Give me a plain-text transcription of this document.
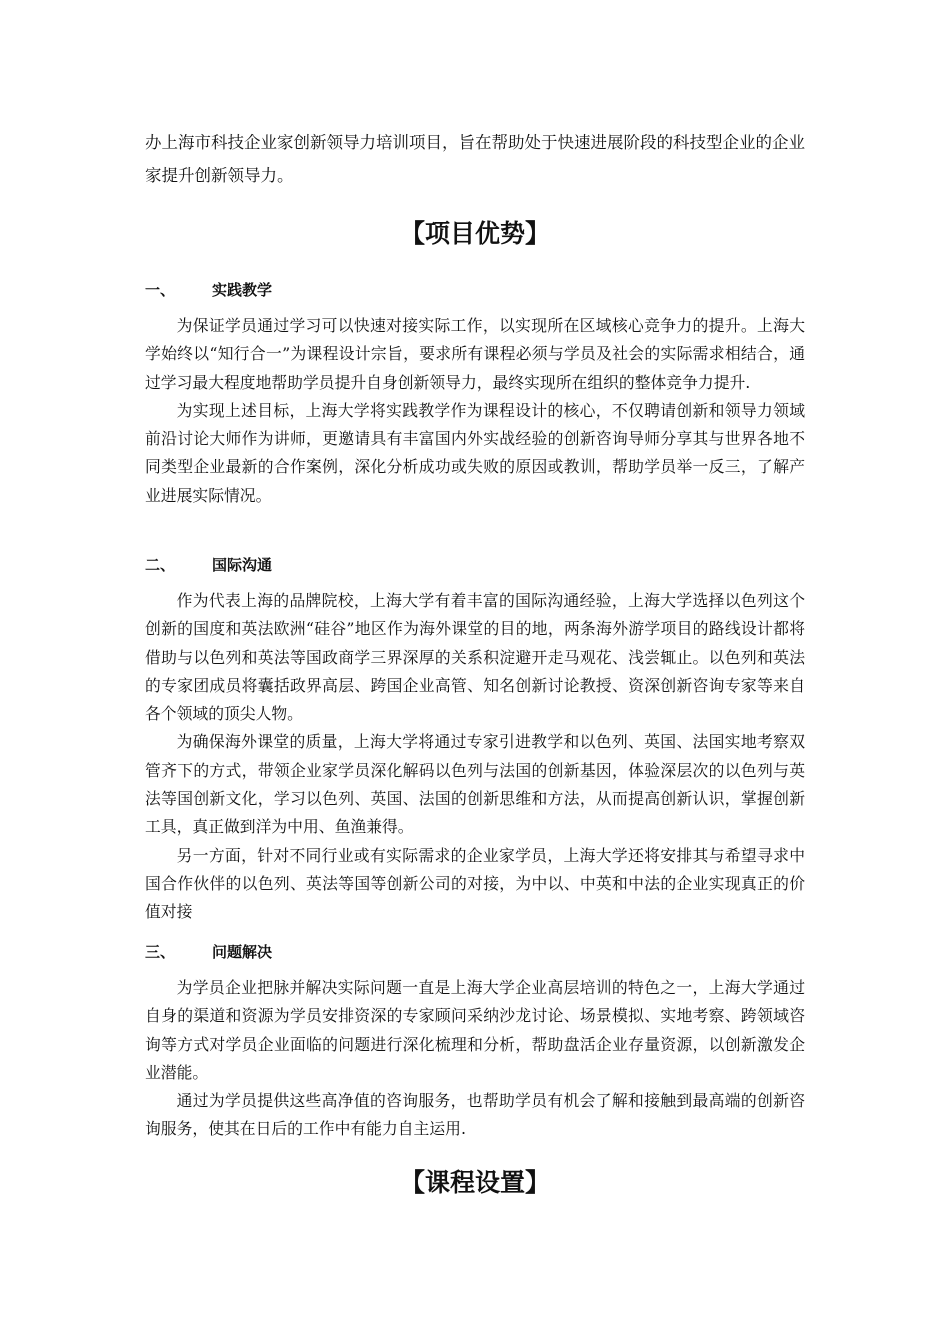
办上海市科技企业家创新领导力培训项目，旨在帮助处于快速进展阶段的科技型企业的企业家提升创新领导力。
【项目优势】
一、 实践教学

为保证学员通过学习可以快速对接实际工作，以实现所在区域核心竞争力的提升。上海大学始终以“知行合一”为课程设计宗旨，要求所有课程必须与学员及社会的实际需求相结合，通过学习最大程度地帮助学员提升自身创新领导力，最终实现所在组织的整体竞争力提升.

为实现上述目标，上海大学将实践教学作为课程设计的核心，不仅聘请创新和领导力领域前沿讨论大师作为讲师，更邀请具有丰富国内外实战经验的创新咨询导师分享其与世界各地不同类型企业最新的合作案例，深化分析成功或失败的原因或教训，帮助学员举一反三，了解产业进展实际情况。

二、 国际沟通

作为代表上海的品牌院校，上海大学有着丰富的国际沟通经验，上海大学选择以色列这个创新的国度和英法欧洲“硅谷”地区作为海外课堂的目的地，两条海外游学项目的路线设计都将借助与以色列和英法等国政商学三界深厚的关系积淀避开走马观花、浅尝辄止。以色列和英法的专家团成员将囊括政界高层、跨国企业高管、知名创新讨论教授、资深创新咨询专家等来自各个领域的顶尖人物。

为确保海外课堂的质量，上海大学将通过专家引进教学和以色列、英国、法国实地考察双管齐下的方式，带领企业家学员深化解码以色列与法国的创新基因，体验深层次的以色列与英法等国创新文化，学习以色列、英国、法国的创新思维和方法，从而提高创新认识，掌握创新工具，真正做到洋为中用、鱼渔兼得。

另一方面，针对不同行业或有实际需求的企业家学员，上海大学还将安排其与希望寻求中国合作伙伴的以色列、英法等国等创新公司的对接，为中以、中英和中法的企业实现真正的价值对接

三、 问题解决

为学员企业把脉并解决实际问题一直是上海大学企业高层培训的特色之一，上海大学通过自身的渠道和资源为学员安排资深的专家顾问采纳沙龙讨论、场景模拟、实地考察、跨领域咨询等方式对学员企业面临的问题进行深化梳理和分析，帮助盘活企业存量资源，以创新激发企业潜能。

通过为学员提供这些高净值的咨询服务，也帮助学员有机会了解和接触到最高端的创新咨询服务，使其在日后的工作中有能力自主运用.

【课程设置】
